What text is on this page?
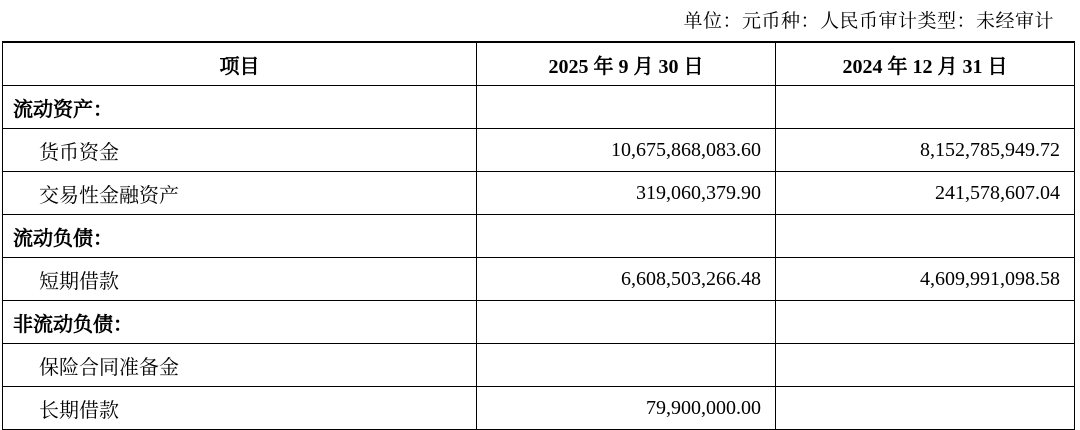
单位：元币种：人民币审计类型：未经审计
项目	2025 年 9 月 30 日	2024 年 12 月 31 日
流动资产：		
货币资金	10,675,868,083.60	8,152,785,949.72
交易性金融资产	319,060,379.90	241,578,607.04
流动负债：		
短期借款	6,608,503,266.48	4,609,991,098.58
非流动负债：		
保险合同准备金		
长期借款	79,900,000.00	
